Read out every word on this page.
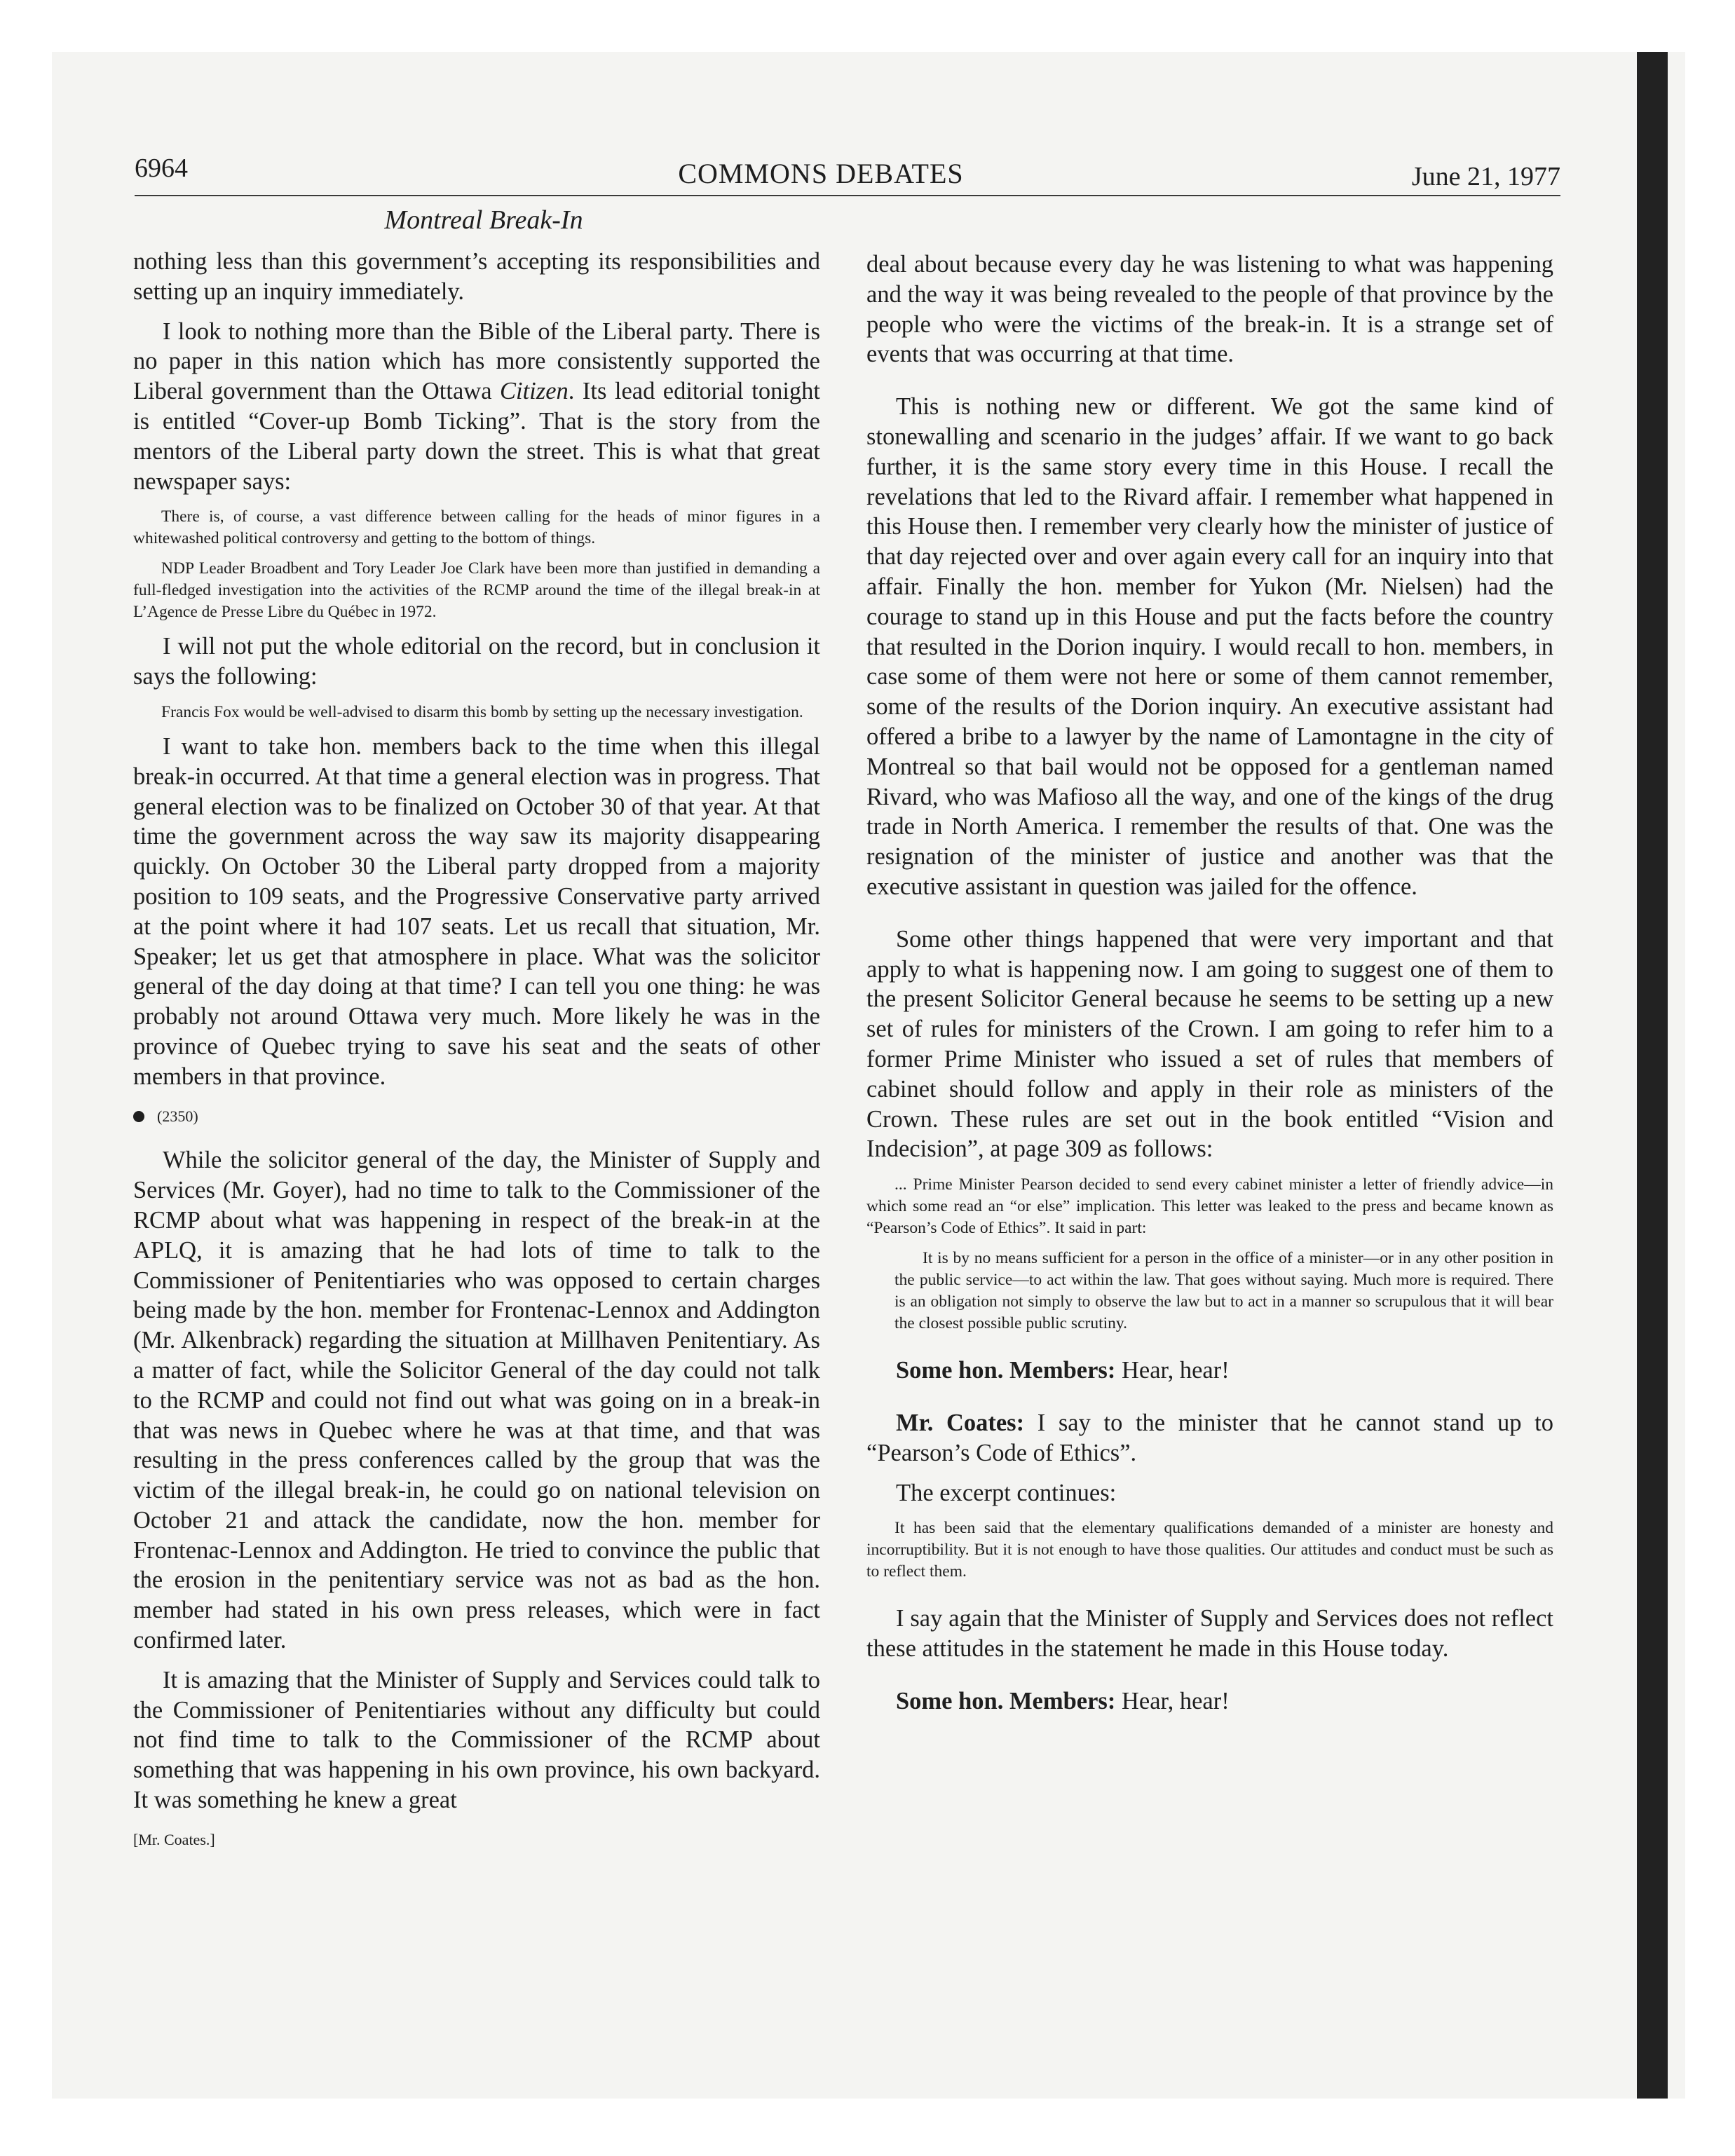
6964	COMMONS DEBATES	June 21, 1977
Montreal Break-In

nothing less than this government’s accepting its responsibilities and setting up an inquiry immediately.

I look to nothing more than the Bible of the Liberal party. There is no paper in this nation which has more consistently supported the Liberal government than the Ottawa Citizen. Its lead editorial tonight is entitled “Cover-up Bomb Ticking”. That is the story from the mentors of the Liberal party down the street. This is what that great newspaper says:

There is, of course, a vast difference between calling for the heads of minor figures in a whitewashed political controversy and getting to the bottom of things.
NDP Leader Broadbent and Tory Leader Joe Clark have been more than justified in demanding a full-fledged investigation into the activities of the RCMP around the time of the illegal break-in at L’Agence de Presse Libre du Québec in 1972.

I will not put the whole editorial on the record, but in conclusion it says the following:

Francis Fox would be well-advised to disarm this bomb by setting up the necessary investigation.

I want to take hon. members back to the time when this illegal break-in occurred. At that time a general election was in progress. That general election was to be finalized on October 30 of that year. At that time the government across the way saw its majority disappearing quickly. On October 30 the Liberal party dropped from a majority position to 109 seats, and the Progressive Conservative party arrived at the point where it had 107 seats. Let us recall that situation, Mr. Speaker; let us get that atmosphere in place. What was the solicitor general of the day doing at that time? I can tell you one thing: he was probably not around Ottawa very much. More likely he was in the province of Quebec trying to save his seat and the seats of other members in that province.

(2350)

While the solicitor general of the day, the Minister of Supply and Services (Mr. Goyer), had no time to talk to the Commissioner of the RCMP about what was happening in respect of the break-in at the APLQ, it is amazing that he had lots of time to talk to the Commissioner of Penitentiaries who was opposed to certain charges being made by the hon. member for Frontenac-Lennox and Addington (Mr. Alkenbrack) regarding the situation at Millhaven Penitentiary. As a matter of fact, while the Solicitor General of the day could not talk to the RCMP and could not find out what was going on in a break-in that was news in Quebec where he was at that time, and that was resulting in the press conferences called by the group that was the victim of the illegal break-in, he could go on national television on October 21 and attack the candidate, now the hon. member for Frontenac-Lennox and Addington. He tried to convince the public that the erosion in the penitentiary service was not as bad as the hon. member had stated in his own press releases, which were in fact confirmed later.

It is amazing that the Minister of Supply and Services could talk to the Commissioner of Penitentiaries without any difficulty but could not find time to talk to the Commissioner of the RCMP about something that was happening in his own province, his own backyard. It was something he knew a great

[Mr. Coates.]

deal about because every day he was listening to what was happening and the way it was being revealed to the people of that province by the people who were the victims of the break-in. It is a strange set of events that was occurring at that time.

This is nothing new or different. We got the same kind of stonewalling and scenario in the judges’ affair. If we want to go back further, it is the same story every time in this House. I recall the revelations that led to the Rivard affair. I remember what happened in this House then. I remember very clearly how the minister of justice of that day rejected over and over again every call for an inquiry into that affair. Finally the hon. member for Yukon (Mr. Nielsen) had the courage to stand up in this House and put the facts before the country that resulted in the Dorion inquiry. I would recall to hon. members, in case some of them were not here or some of them cannot remember, some of the results of the Dorion inquiry. An executive assistant had offered a bribe to a lawyer by the name of Lamontagne in the city of Montreal so that bail would not be opposed for a gentleman named Rivard, who was Mafioso all the way, and one of the kings of the drug trade in North America. I remember the results of that. One was the resignation of the minister of justice and another was that the executive assistant in question was jailed for the offence.

Some other things happened that were very important and that apply to what is happening now. I am going to suggest one of them to the present Solicitor General because he seems to be setting up a new set of rules for ministers of the Crown. I am going to refer him to a former Prime Minister who issued a set of rules that members of cabinet should follow and apply in their role as ministers of the Crown. These rules are set out in the book entitled “Vision and Indecision”, at page 309 as follows:

... Prime Minister Pearson decided to send every cabinet minister a letter of friendly advice—in which some read an “or else” implication. This letter was leaked to the press and became known as “Pearson’s Code of Ethics”. It said in part:
It is by no means sufficient for a person in the office of a minister—or in any other position in the public service—to act within the law. That goes without saying. Much more is required. There is an obligation not simply to observe the law but to act in a manner so scrupulous that it will bear the closest possible public scrutiny.

Some hon. Members: Hear, hear!

Mr. Coates: I say to the minister that he cannot stand up to “Pearson’s Code of Ethics”.

The excerpt continues:

It has been said that the elementary qualifications demanded of a minister are honesty and incorruptibility. But it is not enough to have those qualities. Our attitudes and conduct must be such as to reflect them.

I say again that the Minister of Supply and Services does not reflect these attitudes in the statement he made in this House today.

Some hon. Members: Hear, hear!
